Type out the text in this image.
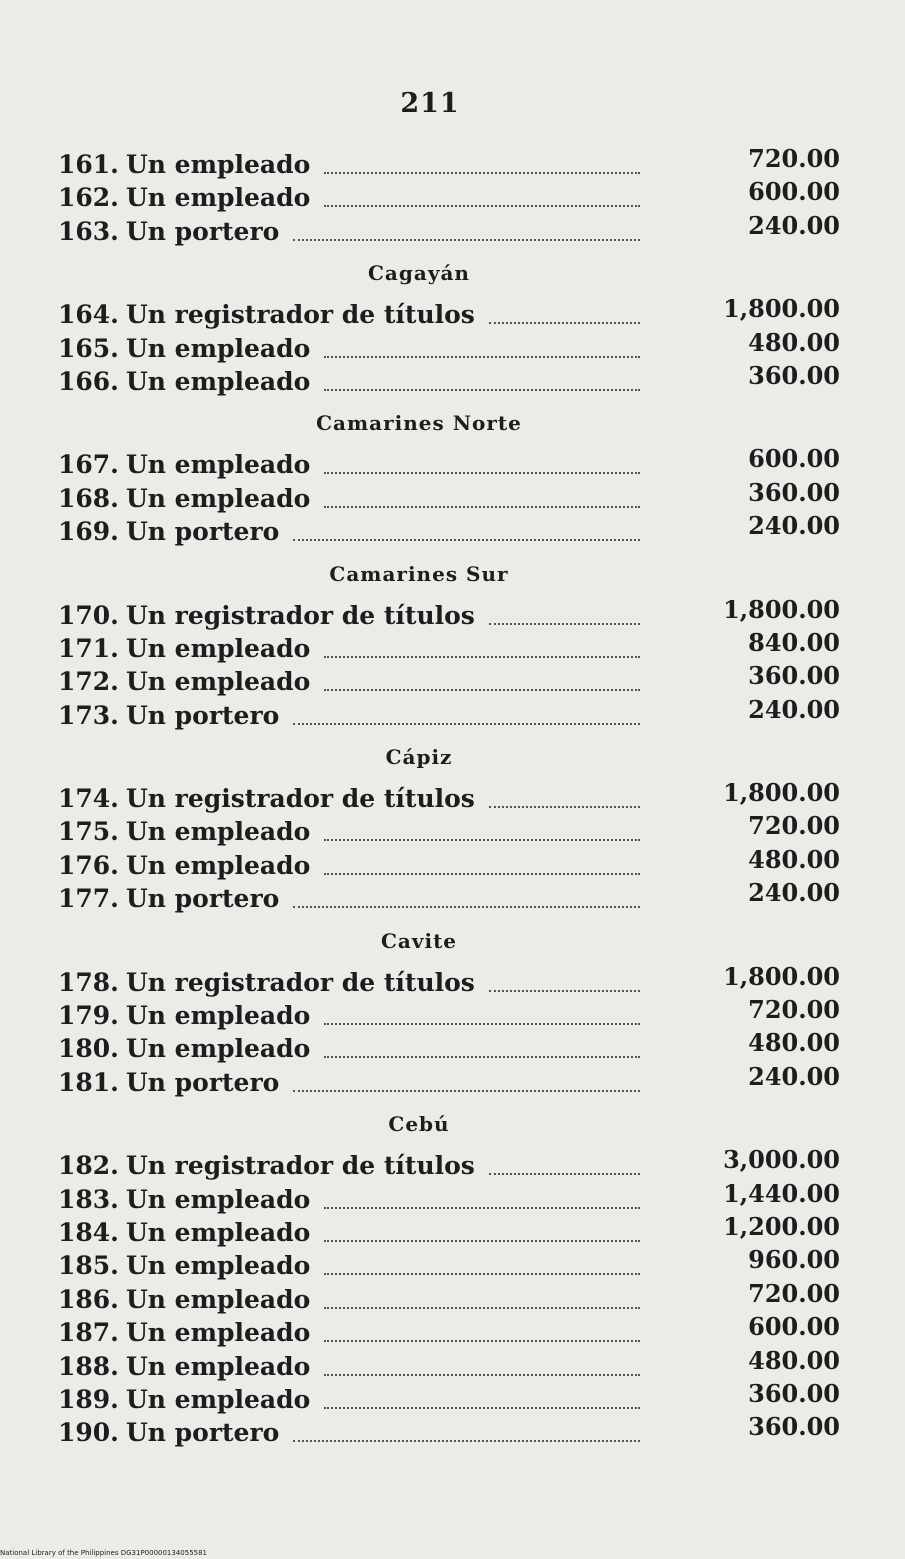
211
161. Un empleado	720.00
162. Un empleado	600.00
163. Un portero	240.00
Cagayán
164. Un registrador de títulos	1,800.00
165. Un empleado	480.00
166. Un empleado	360.00
Camarines Norte
167. Un empleado	600.00
168. Un empleado	360.00
169. Un portero	240.00
Camarines Sur
170. Un registrador de títulos	1,800.00
171. Un empleado	840.00
172. Un empleado	360.00
173. Un portero	240.00
Cápiz
174. Un registrador de títulos	1,800.00
175. Un empleado	720.00
176. Un empleado	480.00
177. Un portero	240.00
Cavite
178. Un registrador de títulos	1,800.00
179. Un empleado	720.00
180. Un empleado	480.00
181. Un portero	240.00
Cebú
182. Un registrador de títulos	3,000.00
183. Un empleado	1,440.00
184. Un empleado	1,200.00
185. Un empleado	960.00
186. Un empleado	720.00
187. Un empleado	600.00
188. Un empleado	480.00
189. Un empleado	360.00
190. Un portero	360.00
National Library of the Philippines DG31P00000134055581
